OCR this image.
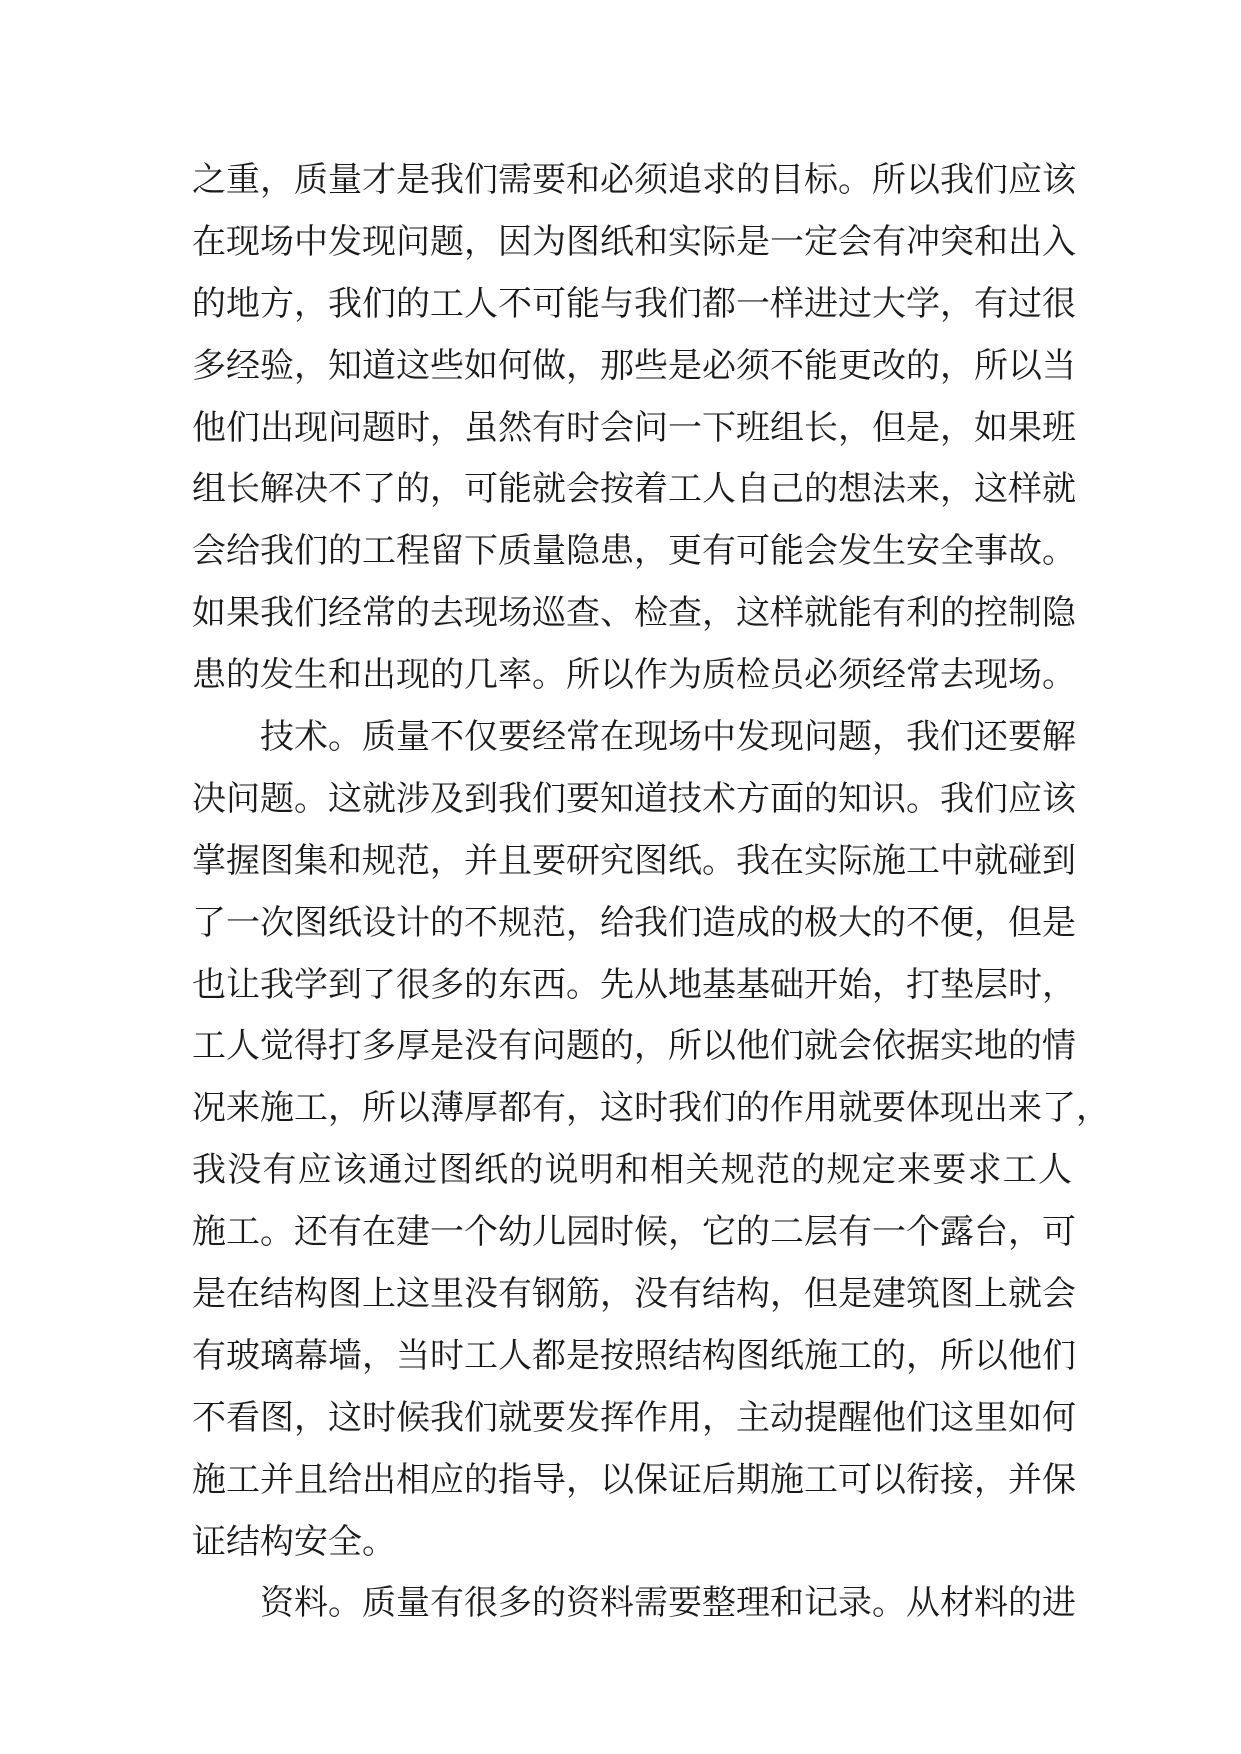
之重，质量才是我们需要和必须追求的目标。所以我们应该
在现场中发现问题，因为图纸和实际是一定会有冲突和出入
的地方，我们的工人不可能与我们都一样进过大学，有过很
多经验，知道这些如何做，那些是必须不能更改的，所以当
他们出现问题时，虽然有时会问一下班组长，但是，如果班
组长解决不了的，可能就会按着工人自己的想法来，这样就
会给我们的工程留下质量隐患，更有可能会发生安全事故。
如果我们经常的去现场巡查、检查，这样就能有利的控制隐
患的发生和出现的几率。所以作为质检员必须经常去现场。
技术。质量不仅要经常在现场中发现问题，我们还要解
决问题。这就涉及到我们要知道技术方面的知识。我们应该
掌握图集和规范，并且要研究图纸。我在实际施工中就碰到
了一次图纸设计的不规范，给我们造成的极大的不便，但是
也让我学到了很多的东西。先从地基基础开始，打垫层时，
工人觉得打多厚是没有问题的，所以他们就会依据实地的情
况来施工，所以薄厚都有，这时我们的作用就要体现出来了，
我没有应该通过图纸的说明和相关规范的规定来要求工人
施工。还有在建一个幼儿园时候，它的二层有一个露台，可
是在结构图上这里没有钢筋，没有结构，但是建筑图上就会
有玻璃幕墙，当时工人都是按照结构图纸施工的，所以他们
不看图，这时候我们就要发挥作用，主动提醒他们这里如何
施工并且给出相应的指导，以保证后期施工可以衔接，并保
证结构安全。
资料。质量有很多的资料需要整理和记录。从材料的进
